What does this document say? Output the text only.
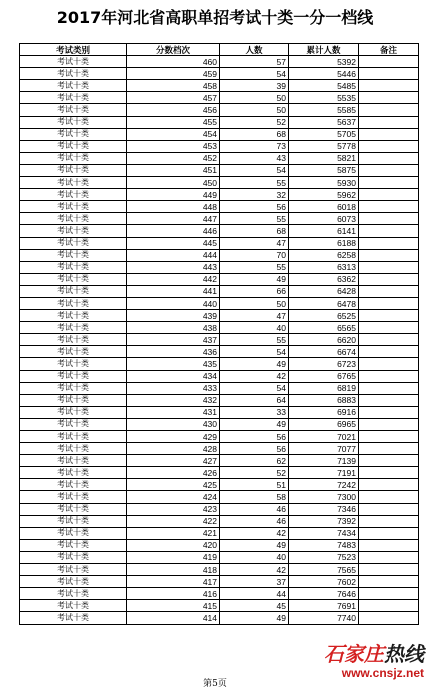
2017年河北省高职单招考试十类一分一档线
考试类别	分数档次	人数	累计人数	备注
考试十类	460	57	5392	
考试十类	459	54	5446	
考试十类	458	39	5485	
考试十类	457	50	5535	
考试十类	456	50	5585	
考试十类	455	52	5637	
考试十类	454	68	5705	
考试十类	453	73	5778	
考试十类	452	43	5821	
考试十类	451	54	5875	
考试十类	450	55	5930	
考试十类	449	32	5962	
考试十类	448	56	6018	
考试十类	447	55	6073	
考试十类	446	68	6141	
考试十类	445	47	6188	
考试十类	444	70	6258	
考试十类	443	55	6313	
考试十类	442	49	6362	
考试十类	441	66	6428	
考试十类	440	50	6478	
考试十类	439	47	6525	
考试十类	438	40	6565	
考试十类	437	55	6620	
考试十类	436	54	6674	
考试十类	435	49	6723	
考试十类	434	42	6765	
考试十类	433	54	6819	
考试十类	432	64	6883	
考试十类	431	33	6916	
考试十类	430	49	6965	
考试十类	429	56	7021	
考试十类	428	56	7077	
考试十类	427	62	7139	
考试十类	426	52	7191	
考试十类	425	51	7242	
考试十类	424	58	7300	
考试十类	423	46	7346	
考试十类	422	46	7392	
考试十类	421	42	7434	
考试十类	420	49	7483	
考试十类	419	40	7523	
考试十类	418	42	7565	
考试十类	417	37	7602	
考试十类	416	44	7646	
考试十类	415	45	7691	
考试十类	414	49	7740	
第5页
石家庄热线
www.cnsjz.net
